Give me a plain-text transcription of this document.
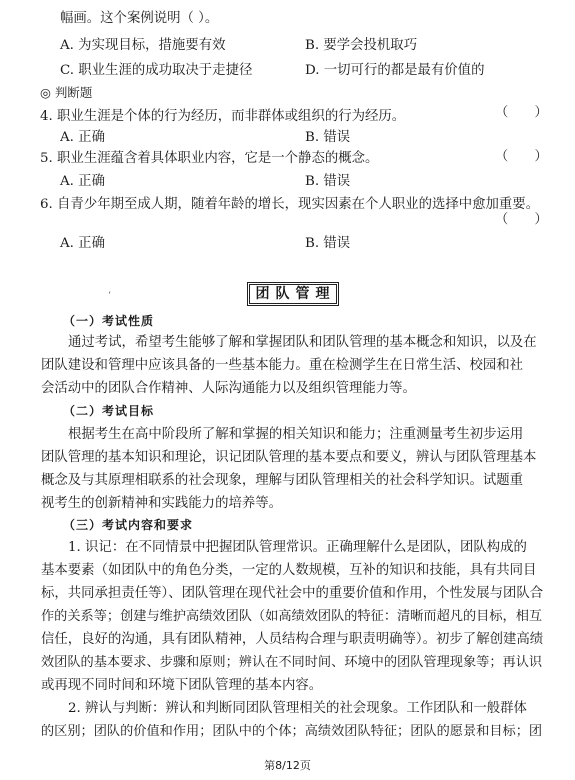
幅画。这个案例说明（ ）。
A. 为实现目标，措施要有效	B. 要学会投机取巧
C. 职业生涯的成功取决于走捷径	D. 一切可行的都是最有价值的
◎ 判断题
4. 职业生涯是个体的行为经历，而非群体或组织的行为经历。	（　　）
A. 正确	B. 错误
5. 职业生涯蕴含着具体职业内容，它是一个静态的概念。	（　　）
A. 正确	B. 错误
6. 自青少年期至成人期，随着年龄的增长，现实因素在个人职业的选择中愈加重要。
（　　）
A. 正确	B. 错误
‘	团队管理
（一）考试性质
通过考试，希望考生能够了解和掌握团队和团队管理的基本概念和知识，以及在
团队建设和管理中应该具备的一些基本能力。重在检测学生在日常生活、校园和社
会活动中的团队合作精神、人际沟通能力以及组织管理能力等。
（二）考试目标
根据考生在高中阶段所了解和掌握的相关知识和能力；注重测量考生初步运用
团队管理的基本知识和理论，识记团队管理的基本要点和要义，辨认与团队管理基本
概念及与其原理相联系的社会现象，理解与团队管理相关的社会科学知识。试题重
视考生的创新精神和实践能力的培养等。
（三）考试内容和要求
1. 识记：在不同情景中把握团队管理常识。正确理解什么是团队，团队构成的
基本要素（如团队中的角色分类，一定的人数规模，互补的知识和技能，具有共同目
标，共同承担责任等）、团队管理在现代社会中的重要价值和作用，个性发展与团队合
作的关系等；创建与维护高绩效团队（如高绩效团队的特征：清晰而超凡的目标，相互
信任，良好的沟通，具有团队精神，人员结构合理与职责明确等）。初步了解创建高绩
效团队的基本要求、步骤和原则；辨认在不同时间、环境中的团队管理现象等；再认识
或再现不同时间和环境下团队管理的基本内容。
2. 辨认与判断：辨认和判断同团队管理相关的社会现象。工作团队和一般群体
的区别；团队的价值和作用；团队中的个体；高绩效团队特征；团队的愿景和目标；团
第8/12页
